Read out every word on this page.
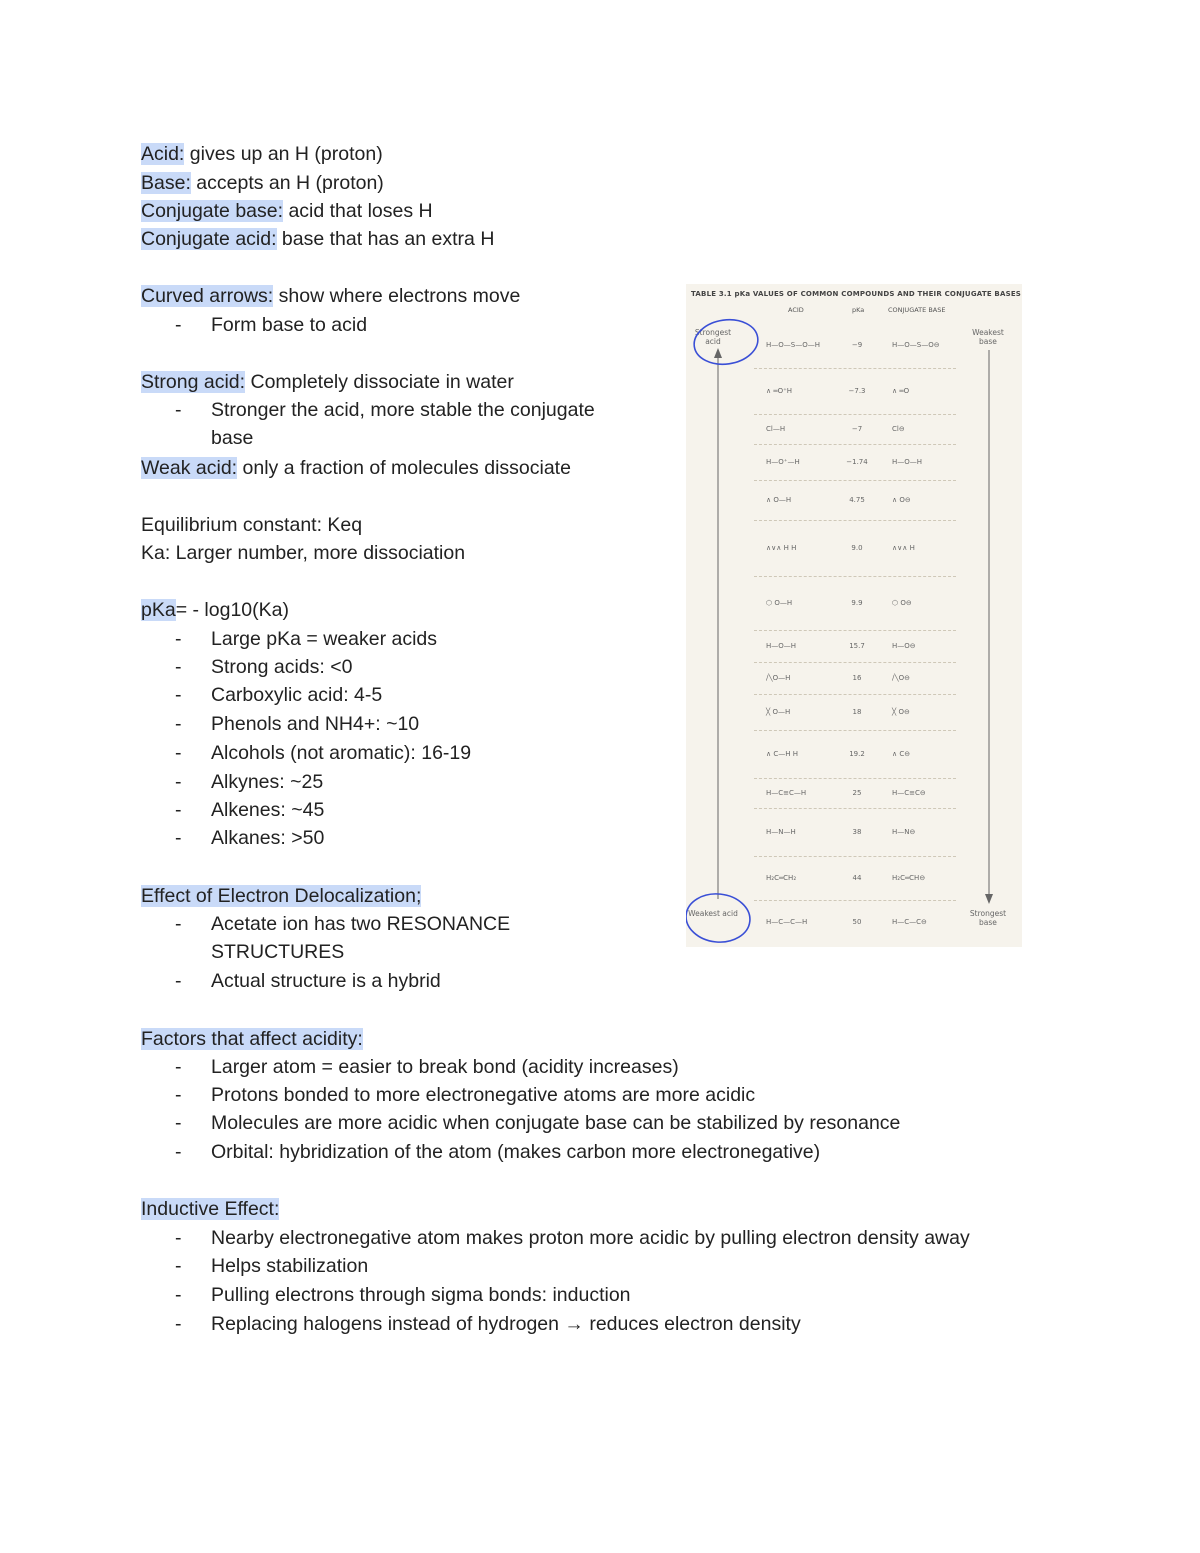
Acid: gives up an H (proton)
Base: accepts an H (proton)
Conjugate base: acid that loses H
Conjugate acid: base that has an extra H
Curved arrows: show where electrons move
- Form base to acid
Strong acid: Completely dissociate in water
- Stronger the acid, more stable the conjugate
base
Weak acid: only a fraction of molecules dissociate
Equilibrium constant: Keq
Ka: Larger number, more dissociation
pKa= - log10(Ka)
- Large pKa = weaker acids
- Strong acids: <0
- Carboxylic acid: 4-5
- Phenols and NH4+: ~10
- Alcohols (not aromatic): 16-19
- Alkynes: ~25
- Alkenes: ~45
- Alkanes: >50
Effect of Electron Delocalization;
- Acetate ion has two RESONANCE
STRUCTURES
- Actual structure is a hybrid
Factors that affect acidity:
- Larger atom = easier to break bond (acidity increases)
- Protons bonded to more electronegative atoms are more acidic
- Molecules are more acidic when conjugate base can be stabilized by resonance
- Orbital: hybridization of the atom (makes carbon more electronegative)
Inductive Effect:
- Nearby electronegative atom makes proton more acidic by pulling electron density away
- Helps stabilization
- Pulling electrons through sigma bonds: induction
- Replacing halogens instead of hydrogen → reduces electron density
TABLE 3.1 pKa VALUES OF COMMON COMPOUNDS AND THEIR CONJUGATE BASES
ACID	pKa	CONJUGATE BASE
Strongest acid
Weakest acid
Weakest base
Strongest base
H—O—S—O—H	−9	H—O—S—O⊖
∧ ═O⁺H	−7.3	∧ ═O
Cl—H	−7	Cl⊖
H—O⁺—H	−1.74	H—O—H
∧ O—H	4.75	∧ O⊖
∧∨∧ H H	9.0	∧∨∧ H
⬡ O—H	9.9	⬡ O⊖
H—O—H	15.7	H—O⊖
∕╲O—H	16	∕╲O⊖
╳ O—H	18	╳ O⊖
∧ C—H H	19.2	∧ C⊖
H—C≡C—H	25	H—C≡C⊖
H—N—H	38	H—N⊖
H₂C═CH₂	44	H₂C═CH⊖
H—C—C—H	50	H—C—C⊖
